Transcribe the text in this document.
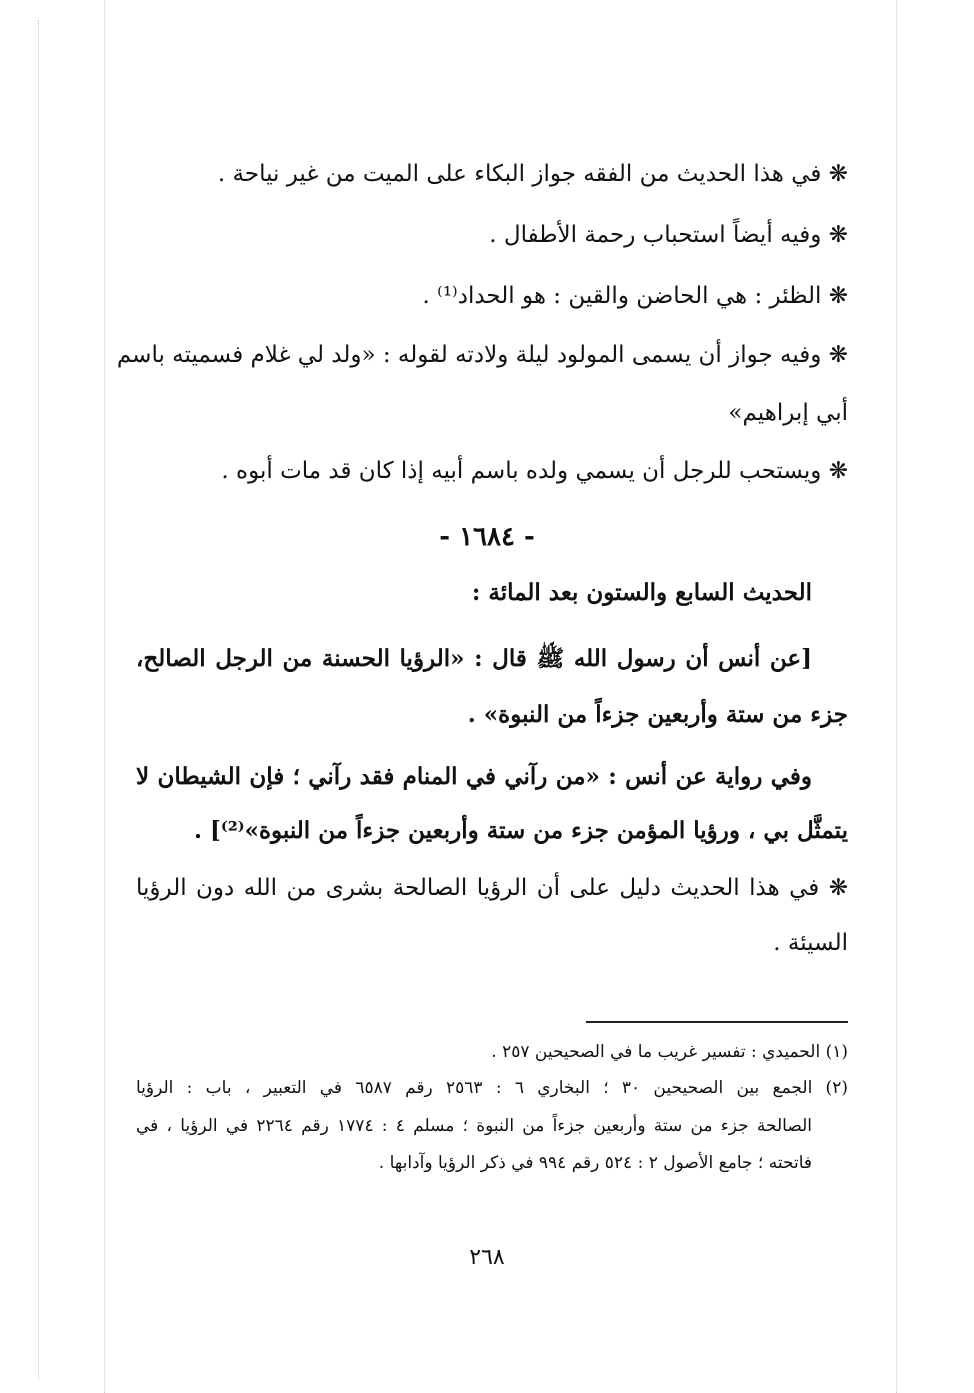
❋ في هذا الحديث من الفقه جواز البكاء على الميت من غير نياحة .
❋ وفيه أيضاً استحباب رحمة الأطفال .
❋ الظئر : هي الحاضن والقين : هو الحداد⁽¹⁾ .
❋ وفيه جواز أن يسمى المولود ليلة ولادته لقوله : «ولد لي غلام فسميته باسم
أبي إبراهيم»
❋ ويستحب للرجل أن يسمي ولده باسم أبيه إذا كان قد مات أبوه .
- ١٦٨٤ -
الحديث السابع والستون بعد المائة :
[عن أنس أن رسول الله ﷺ قال : «الرؤيا الحسنة من الرجل الصالح،
جزء من ستة وأربعين جزءاً من النبوة» .
وفي رواية عن أنس : «من رآني في المنام فقد رآني ؛ فإن الشيطان لا
يتمثَّل بي ، ورؤيا المؤمن جزء من ستة وأربعين جزءاً من النبوة»⁽²⁾] .
❋ في هذا الحديث دليل على أن الرؤيا الصالحة بشرى من الله دون الرؤيا
السيئة .
(١) الحميدي : تفسير غريب ما في الصحيحين ٢٥٧ .
(٢) الجمع بين الصحيحين ٣٠ ؛ البخاري ٦ : ٢٥٦٣ رقم ٦٥٨٧ في التعبير ، باب : الرؤيا
الصالحة جزء من ستة وأربعين جزءاً من النبوة ؛ مسلم ٤ : ١٧٧٤ رقم ٢٢٦٤ في الرؤيا ، في
فاتحته ؛ جامع الأصول ٢ : ٥٢٤ رقم ٩٩٤ في ذكر الرؤيا وآدابها .
٢٦٨
